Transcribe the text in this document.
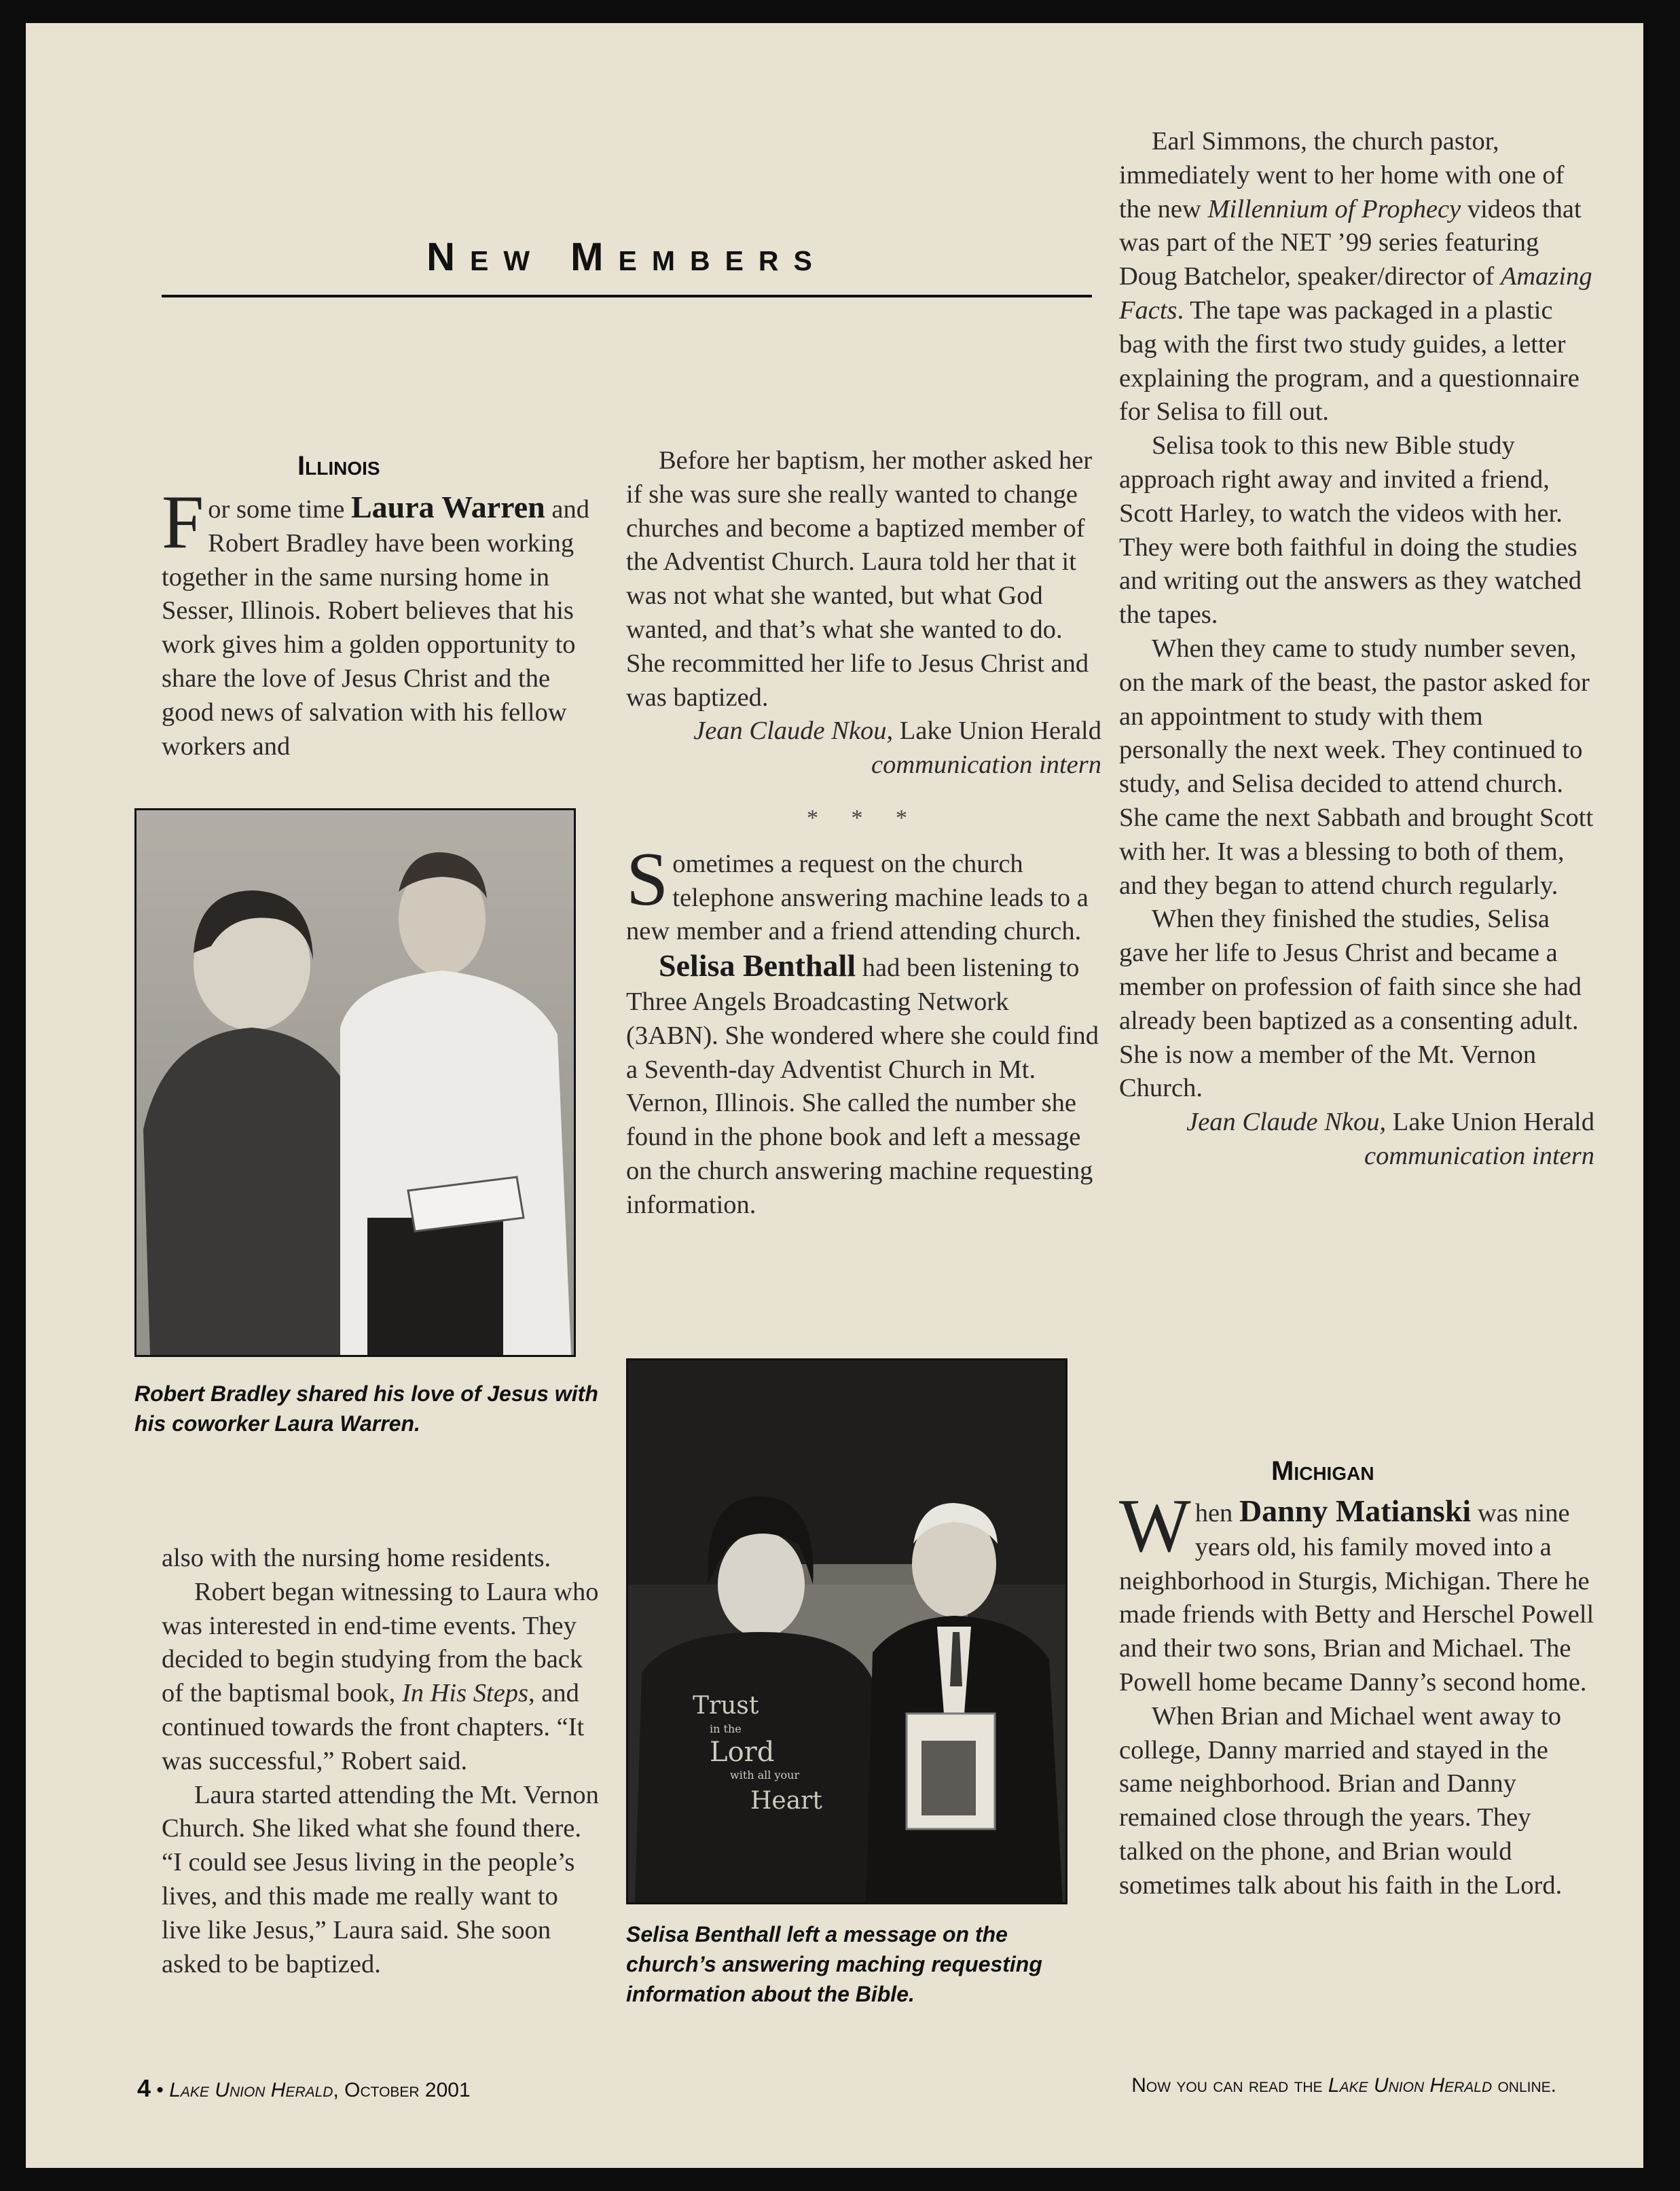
New Members
Illinois

For some time Laura Warren and Robert Bradley have been working together in the same nursing home in Sesser, Illinois. Robert believes that his work gives him a golden opportunity to share the love of Jesus Christ and the good news of salvation with his fellow workers and

Robert Bradley shared his love of Jesus with his coworker Laura Warren.

also with the nursing home residents.

Robert began witnessing to Laura who was interested in end-time events. They decided to begin studying from the back of the baptismal book, In His Steps, and continued towards the front chapters. “It was successful,” Robert said.

Laura started attending the Mt. Vernon Church. She liked what she found there. “I could see Jesus living in the people’s lives, and this made me really want to live like Jesus,” Laura said. She soon asked to be baptized.

Before her baptism, her mother asked her if she was sure she really wanted to change churches and become a baptized member of the Adventist Church. Laura told her that it was not what she wanted, but what God wanted, and that’s what she wanted to do. She recommitted her life to Jesus Christ and was baptized.

Jean Claude Nkou, Lake Union Herald communication intern

* * *

Sometimes a request on the church telephone answering machine leads to a new member and a friend attending church.

Selisa Benthall had been listening to Three Angels Broadcasting Network (3ABN). She wondered where she could find a Seventh-day Adventist Church in Mt. Vernon, Illinois. She called the number she found in the phone book and left a message on the church answering machine requesting information.

Trust
in the
Lord
with all your
Heart
Selisa Benthall left a message on the church’s answering maching requesting information about the Bible.

Earl Simmons, the church pastor, immediately went to her home with one of the new Millennium of Prophecy videos that was part of the NET ’99 series featuring Doug Batchelor, speaker/director of Amazing Facts. The tape was packaged in a plastic bag with the first two study guides, a letter explaining the program, and a questionnaire for Selisa to fill out.

Selisa took to this new Bible study approach right away and invited a friend, Scott Harley, to watch the videos with her. They were both faithful in doing the studies and writing out the answers as they watched the tapes.

When they came to study number seven, on the mark of the beast, the pastor asked for an appointment to study with them personally the next week. They continued to study, and Selisa decided to attend church. She came the next Sabbath and brought Scott with her. It was a blessing to both of them, and they began to attend church regularly.

When they finished the studies, Selisa gave her life to Jesus Christ and became a member on profession of faith since she had already been baptized as a consenting adult. She is now a member of the Mt. Vernon Church.

Jean Claude Nkou, Lake Union Herald communication intern

Michigan

When Danny Matianski was nine years old, his family moved into a neighborhood in Sturgis, Michigan. There he made friends with Betty and Herschel Powell and their two sons, Brian and Michael. The Powell home became Danny’s second home.

When Brian and Michael went away to college, Danny married and stayed in the same neighborhood. Brian and Danny remained close through the years. They talked on the phone, and Brian would sometimes talk about his faith in the Lord.

4 • Lake Union Herald, October 2001	Now you can read the Lake Union Herald online.
